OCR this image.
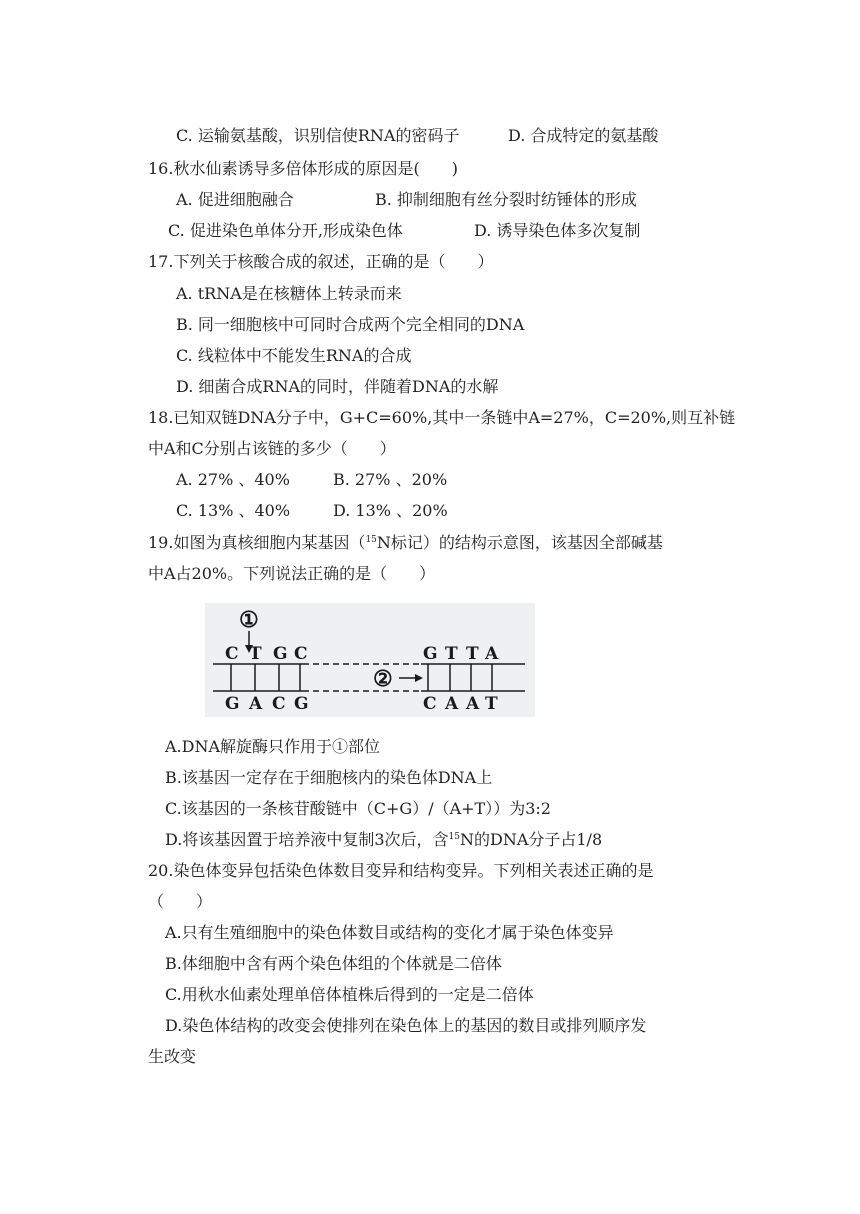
C. 运输氨基酸，识别信使RNA的密码子	D. 合成特定的氨基酸
16.秋水仙素诱导多倍体形成的原因是(　　)
A. 促进细胞融合	B. 抑制细胞有丝分裂时纺锤体的形成
C. 促进染色单体分开,形成染色体	D. 诱导染色体多次复制
17.下列关于核酸合成的叙述，正确的是（　　）
A. tRNA是在核糖体上转录而来
B. 同一细胞核中可同时合成两个完全相同的DNA
C. 线粒体中不能发生RNA的合成
D. 细菌合成RNA的同时，伴随着DNA的水解
18.已知双链DNA分子中，G+C=60%,其中一条链中A=27%，C=20%,则互补链
中A和C分别占该链的多少（　　）
A. 27% 、40%	B. 27% 、20%
C. 13% 、40%	D. 13% 、20%
19.如图为真核细胞内某基因（$^{15}$N标记）的结构示意图，该基因全部碱基
中A占20%。下列说法正确的是（　　）
①
C T G C	G T T A
②
G A C G	C A A T
A.DNA解旋酶只作用于①部位
B.该基因一定存在于细胞核内的染色体DNA上
C.该基因的一条核苷酸链中（C+G）/（A+T））为3:2
D.将该基因置于培养液中复制3次后，含$^{15}$N的DNA分子占1/8
20.染色体变异包括染色体数目变异和结构变异。下列相关表述正确的是
（　　）
A.只有生殖细胞中的染色体数目或结构的变化才属于染色体变异
B.体细胞中含有两个染色体组的个体就是二倍体
C.用秋水仙素处理单倍体植株后得到的一定是二倍体
D.染色体结构的改变会使排列在染色体上的基因的数目或排列顺序发
生改变
